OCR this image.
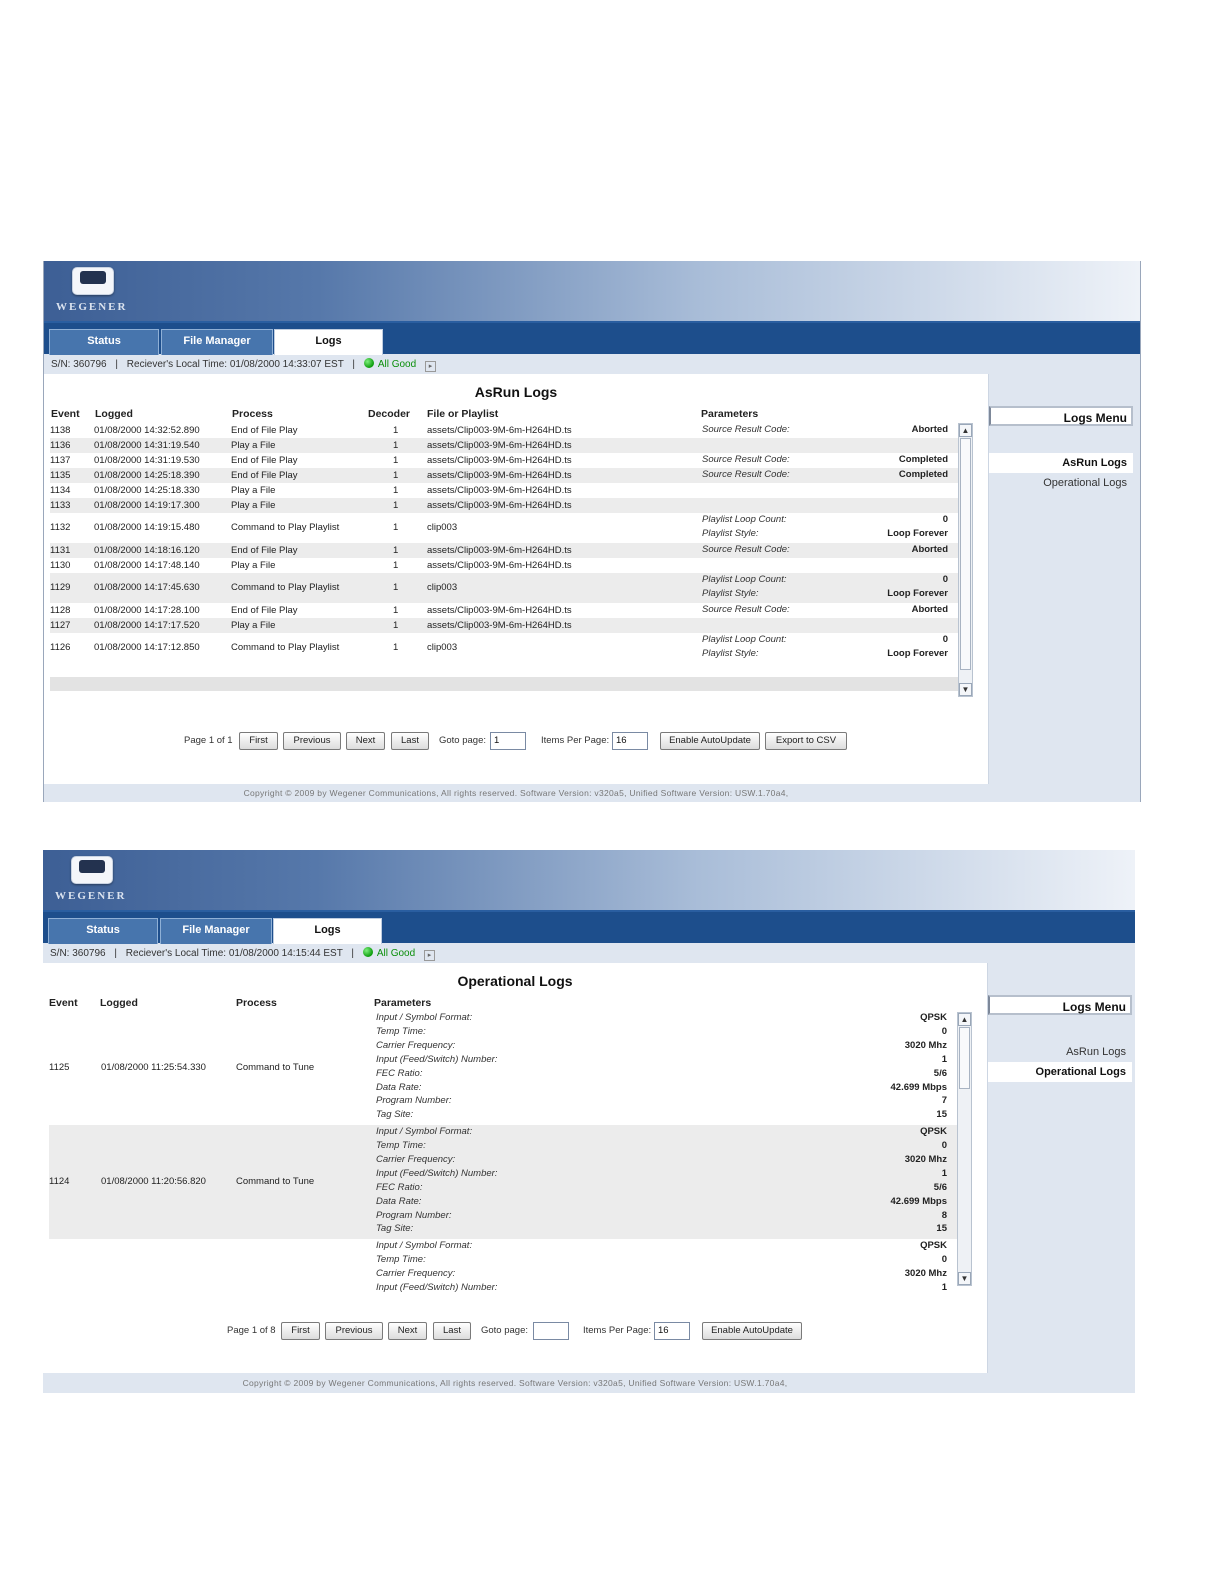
WEGENER
Status	File Manager	Logs
S/N: 360796 | Reciever's Local Time: 01/08/2000 14:33:07 EST | All Good ▸
AsRun Logs
Event Logged	Process	Decoder File or Playlist	Parameters
1138 01/08/2000 14:32:52.890	End of File Play	1	assets/Clip003-9M-6m-H264HD.ts	Source Result Code:	Aborted
1136 01/08/2000 14:31:19.540	Play a File	1	assets/Clip003-9M-6m-H264HD.ts
1137 01/08/2000 14:31:19.530	End of File Play	1	assets/Clip003-9M-6m-H264HD.ts	Source Result Code:	Completed
1135 01/08/2000 14:25:18.390	End of File Play	1	assets/Clip003-9M-6m-H264HD.ts	Source Result Code:	Completed
1134 01/08/2000 14:25:18.330	Play a File	1	assets/Clip003-9M-6m-H264HD.ts
1133 01/08/2000 14:19:17.300	Play a File	1	assets/Clip003-9M-6m-H264HD.ts
1132 01/08/2000 14:19:15.480	Command to Play Playlist	1	clip003
Playlist Loop Count:	0
Playlist Style:	Loop Forever
1131 01/08/2000 14:18:16.120	End of File Play	1	assets/Clip003-9M-6m-H264HD.ts	Source Result Code:	Aborted
1130 01/08/2000 14:17:48.140	Play a File	1	assets/Clip003-9M-6m-H264HD.ts
1129 01/08/2000 14:17:45.630	Command to Play Playlist	1	clip003
Playlist Loop Count:	0
Playlist Style:	Loop Forever
1128 01/08/2000 14:17:28.100	End of File Play	1	assets/Clip003-9M-6m-H264HD.ts	Source Result Code:	Aborted
1127 01/08/2000 14:17:17.520	Play a File	1	assets/Clip003-9M-6m-H264HD.ts
1126 01/08/2000 14:17:12.850	Command to Play Playlist	1	clip003
Playlist Loop Count:	0
Playlist Style:	Loop Forever
▲
▼
Page 1 of 1	First	Previous	Next	Last	Goto page: 1	Items Per Page: 16	Enable AutoUpdate	Export to CSV
Copyright © 2009 by Wegener Communications, All rights reserved. Software Version: v320a5, Unified Software Version: USW.1.70a4,
Logs Menu
AsRun Logs
Operational Logs
WEGENER
Status	File Manager	Logs
S/N: 360796 | Reciever's Local Time: 01/08/2000 14:15:44 EST | All Good ▸
Operational Logs
Event Logged	Process	Parameters
1125	01/08/2000 11:25:54.330	Command to Tune
Input / Symbol Format:	QPSK
Temp Time:	0
Carrier Frequency:	3020 Mhz
Input (Feed/Switch) Number:	1
FEC Ratio:	5/6
Data Rate:	42.699 Mbps
Program Number:	7
Tag Site:	15
1124	01/08/2000 11:20:56.820	Command to Tune
Input / Symbol Format:	QPSK
Temp Time:	0
Carrier Frequency:	3020 Mhz
Input (Feed/Switch) Number:	1
FEC Ratio:	5/6
Data Rate:	42.699 Mbps
Program Number:	8
Tag Site:	15
Input / Symbol Format:	QPSK
Temp Time:	0
Carrier Frequency:	3020 Mhz
Input (Feed/Switch) Number:	1
▲
▼
Page 1 of 8	First	Previous	Next	Last	Goto page:	Items Per Page: 16	Enable AutoUpdate
Copyright © 2009 by Wegener Communications, All rights reserved. Software Version: v320a5, Unified Software Version: USW.1.70a4,
Logs Menu
AsRun Logs
Operational Logs
